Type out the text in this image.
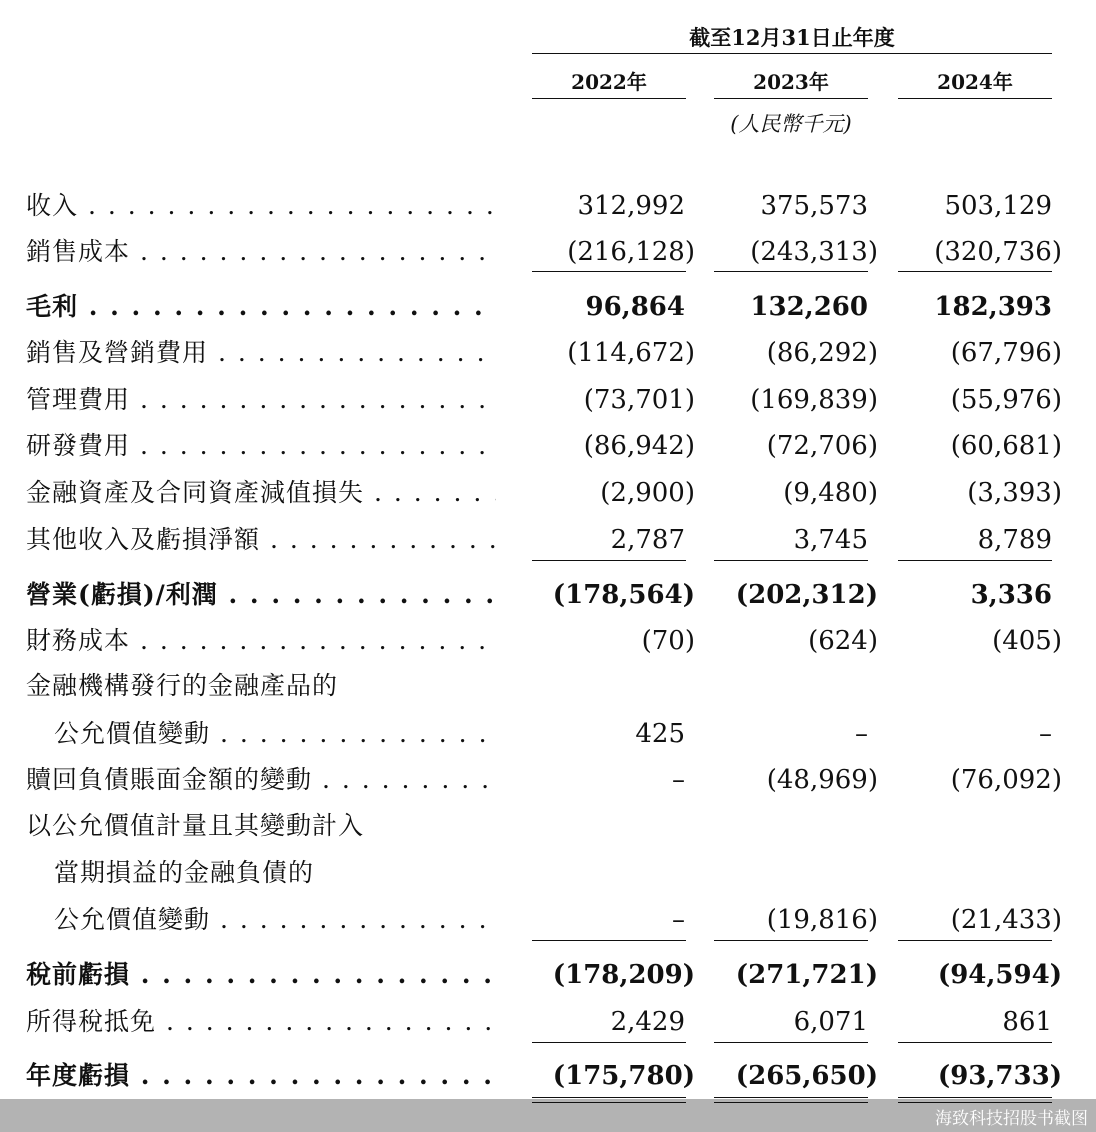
截至12月31日止年度
2022年	2023年	2024年
(人民幣千元)
收入 . . .	312,992	375,573	503,129
銷售成本 . . .	(216,128) (243,313) (320,736)
毛利 . . .	96,864	132,260	182,393
銷售及營銷費用 . . .	(114,672)	(86,292)	(67,796)
管理費用 . . .	(73,701) (169,839)	(55,976)
研發費用 . . .	(86,942)	(72,706)	(60,681)
金融資產及合同資產減值損失 . . .	(2,900)	(9,480)	(3,393)
其他收入及虧損淨額 . . .	2,787	3,745	8,789
營業(虧損)/利潤 . . .	(178,564) (202,312)	3,336
財務成本 . . .	(70)	(624)	(405)
金融機構發行的金融產品的
公允價值變動 . . .	425	–	–
贖回負債賬面金額的變動 . . .	–	(48,969)	(76,092)
以公允價值計量且其變動計入
當期損益的金融負債的
公允價值變動 . . .	–	(19,816)	(21,433)
稅前虧損 . . .	(178,209) (271,721) (94,594)
所得稅抵免 . . .	2,429	6,071	861
年度虧損 . . .	(175,780) (265,650) (93,733)
海致科技招股书截图
